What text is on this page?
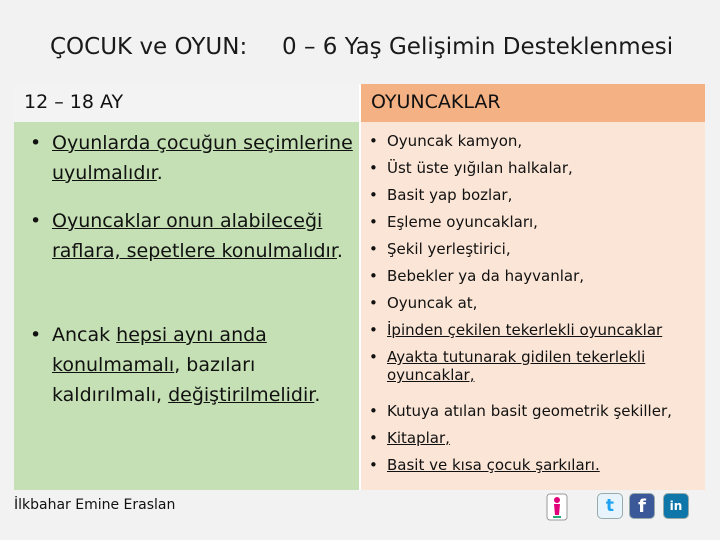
ÇOCUK ve OYUN: 0 – 6 Yaş Gelişimin Desteklenmesi
12 – 18 AY	OYUNCAKLAR
• Oyunlarda çocuğun seçimlerine uyulmalıdır.
• Oyuncaklar onun alabileceği raflara, sepetlere konulmalıdır.
• Ancak hepsi aynı anda konulmamalı, bazıları kaldırılmalı, değiştirilmelidir.
• Oyuncak kamyon,
• Üst üste yığılan halkalar,
• Basit yap bozlar,
• Eşleme oyuncakları,
• Şekil yerleştirici,
• Bebekler ya da hayvanlar,
• Oyuncak at,
• İpinden çekilen tekerlekli oyuncaklar
• Ayakta tutunarak gidilen tekerlekli oyuncaklar,
• Kutuya atılan basit geometrik şekiller,
• Kitaplar,
• Basit ve kısa çocuk şarkıları.
İlkbahar Emine Eraslan	t	f	in
